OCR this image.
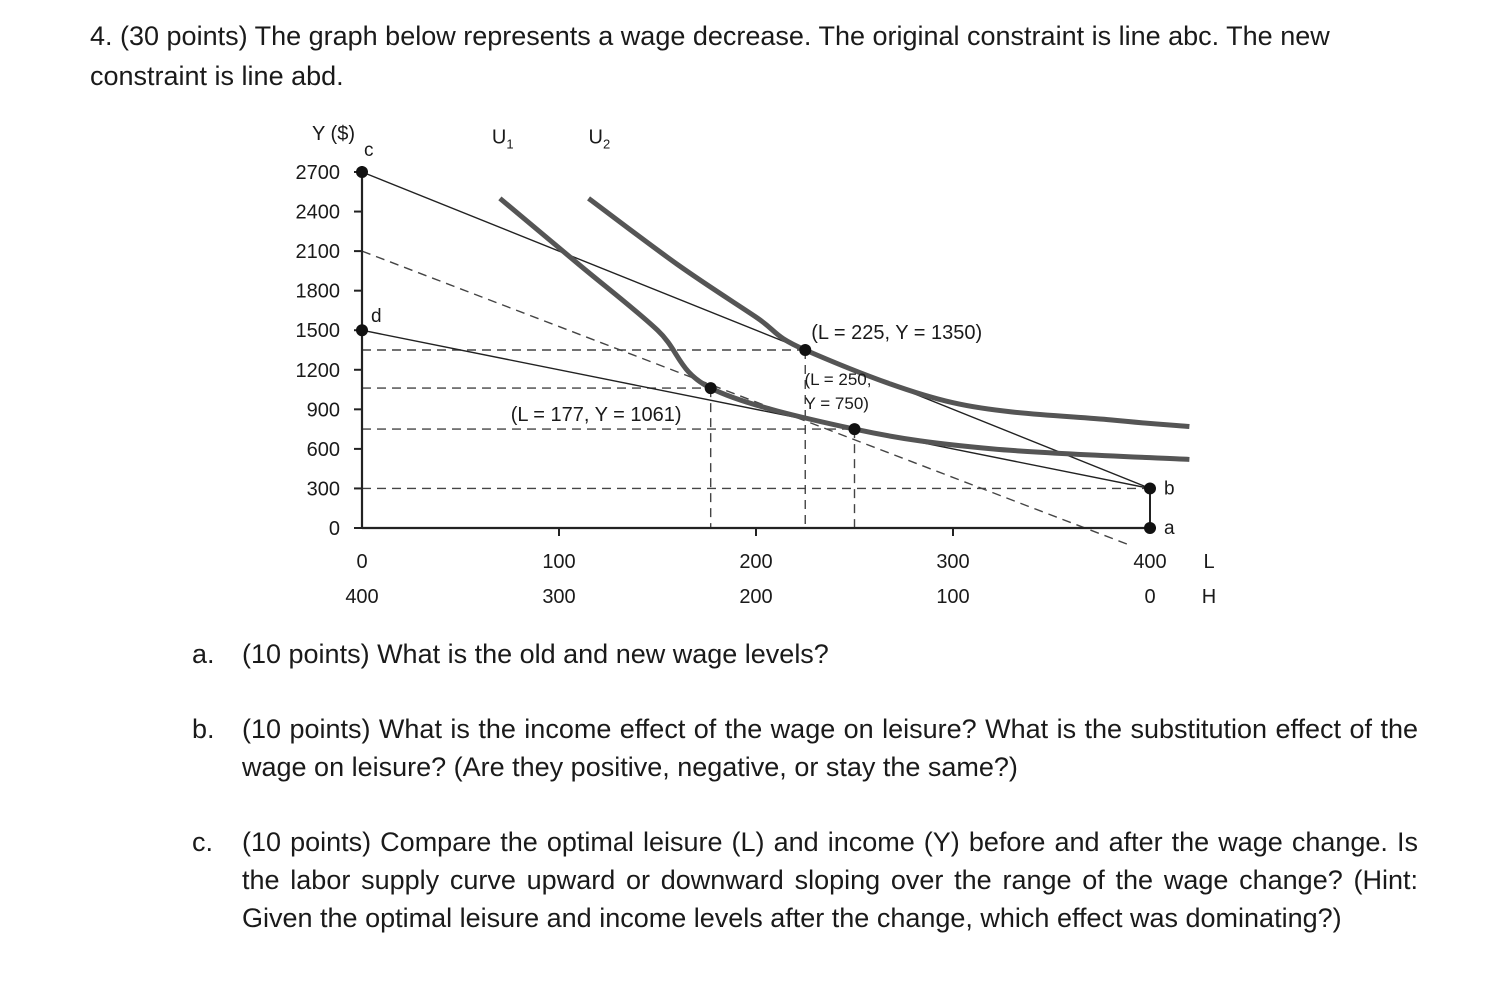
4. (30 points) The graph below represents a wage decrease. The original constraint is line abc. The new constraint is line abd.
Y ($)
0
300
600
900
1200
1500
1800
2100
2400
2700
0
400
100
300
200
200
300
100
400
0
L
H
$U_1$	$U_2$
c
d
b
a
(L = 225, Y = 1350)
(L = 177, Y = 1061)
(L = 250,
Y = 750)
a.	(10 points) What is the old and new wage levels?
b.	(10 points) What is the income effect of the wage on leisure? What is the substitution effect of the wage on leisure? (Are they positive, negative, or stay the same?)
c.	(10 points) Compare the optimal leisure (L) and income (Y) before and after the wage change. Is the labor supply curve upward or downward sloping over the range of the wage change? (Hint: Given the optimal leisure and income levels after the change, which effect was dominating?)
